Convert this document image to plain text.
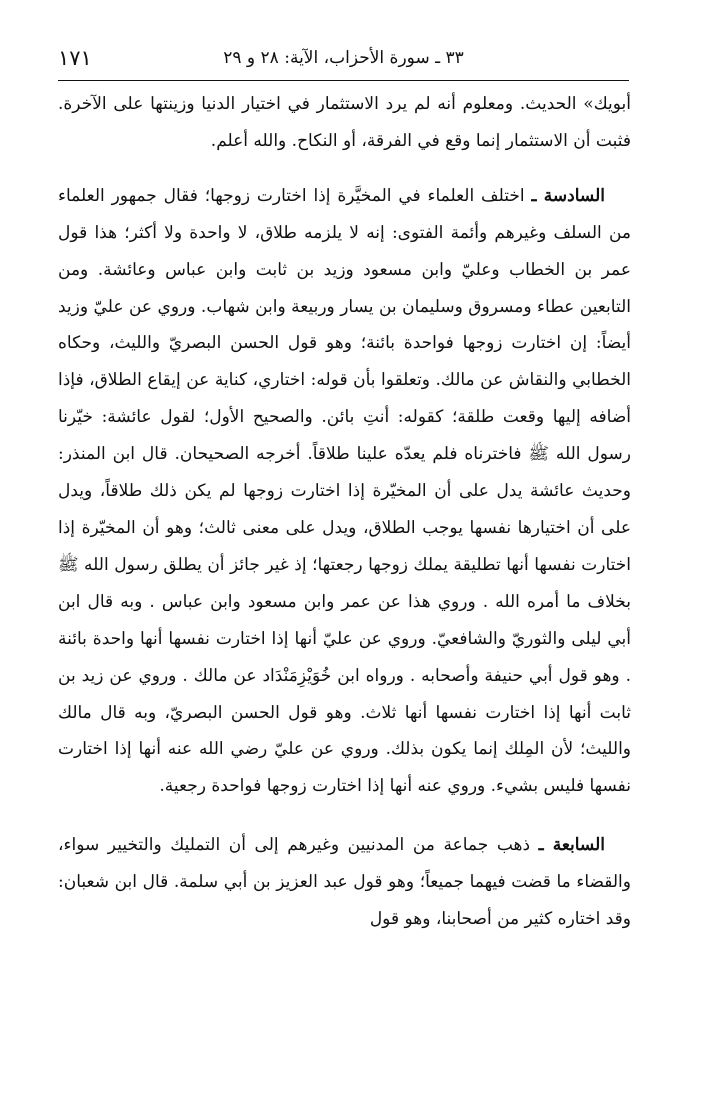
١٧١	٣٣ ـ سورة الأحزاب، الآية: ٢٨ و ٢٩

أبويك» الحديث. ومعلوم أنه لم يرد الاستثمار في اختيار الدنيا وزينتها على الآخرة. فثبت أن الاستثمار إنما وقع في الفرقة، أو النكاح. والله أعلم.

السادسة ـ اختلف العلماء في المخيَّرة إذا اختارت زوجها؛ فقال جمهور العلماء من السلف وغيرهم وأئمة الفتوى: إنه لا يلزمه طلاق، لا واحدة ولا أكثر؛ هذا قول عمر بن الخطاب وعليّ وابن مسعود وزيد بن ثابت وابن عباس وعائشة. ومن التابعين عطاء ومسروق وسليمان بن يسار وربيعة وابن شهاب. وروي عن عليّ وزيد أيضاً: إن اختارت زوجها فواحدة بائنة؛ وهو قول الحسن البصريّ والليث، وحكاه الخطابي والنقاش عن مالك. وتعلقوا بأن قوله: اختاري، كناية عن إيقاع الطلاق، فإذا أضافه إليها وقعت طلقة؛ كقوله: أنتِ بائن. والصحيح الأول؛ لقول عائشة: خيّرنا رسول الله ﷺ فاخترناه فلم يعدّه علينا طلاقاً. أخرجه الصحيحان. قال ابن المنذر: وحديث عائشة يدل على أن المخيّرة إذا اختارت زوجها لم يكن ذلك طلاقاً، ويدل على أن اختيارها نفسها يوجب الطلاق، ويدل على معنى ثالث؛ وهو أن المخيّرة إذا اختارت نفسها أنها تطليقة يملك زوجها رجعتها؛ إذ غير جائز أن يطلق رسول الله ﷺ بخلاف ما أمره الله . وروي هذا عن عمر وابن مسعود وابن عباس . وبه قال ابن أبي ليلى والثوريّ والشافعيّ. وروي عن عليّ أنها إذا اختارت نفسها أنها واحدة بائنة . وهو قول أبي حنيفة وأصحابه . ورواه ابن خُوَيْزِمَنْدَاد عن مالك . وروي عن زيد بن ثابت أنها إذا اختارت نفسها أنها ثلاث. وهو قول الحسن البصريّ، وبه قال مالك والليث؛ لأن المِلك إنما يكون بذلك. وروي عن عليّ رضي الله عنه أنها إذا اختارت نفسها فليس بشيء. وروي عنه أنها إذا اختارت زوجها فواحدة رجعية.

السابعة ـ ذهب جماعة من المدنيين وغيرهم إلى أن التمليك والتخيير سواء، والقضاء ما قضت فيهما جميعاً؛ وهو قول عبد العزيز بن أبي سلمة. قال ابن شعبان: وقد اختاره كثير من أصحابنا، وهو قول
